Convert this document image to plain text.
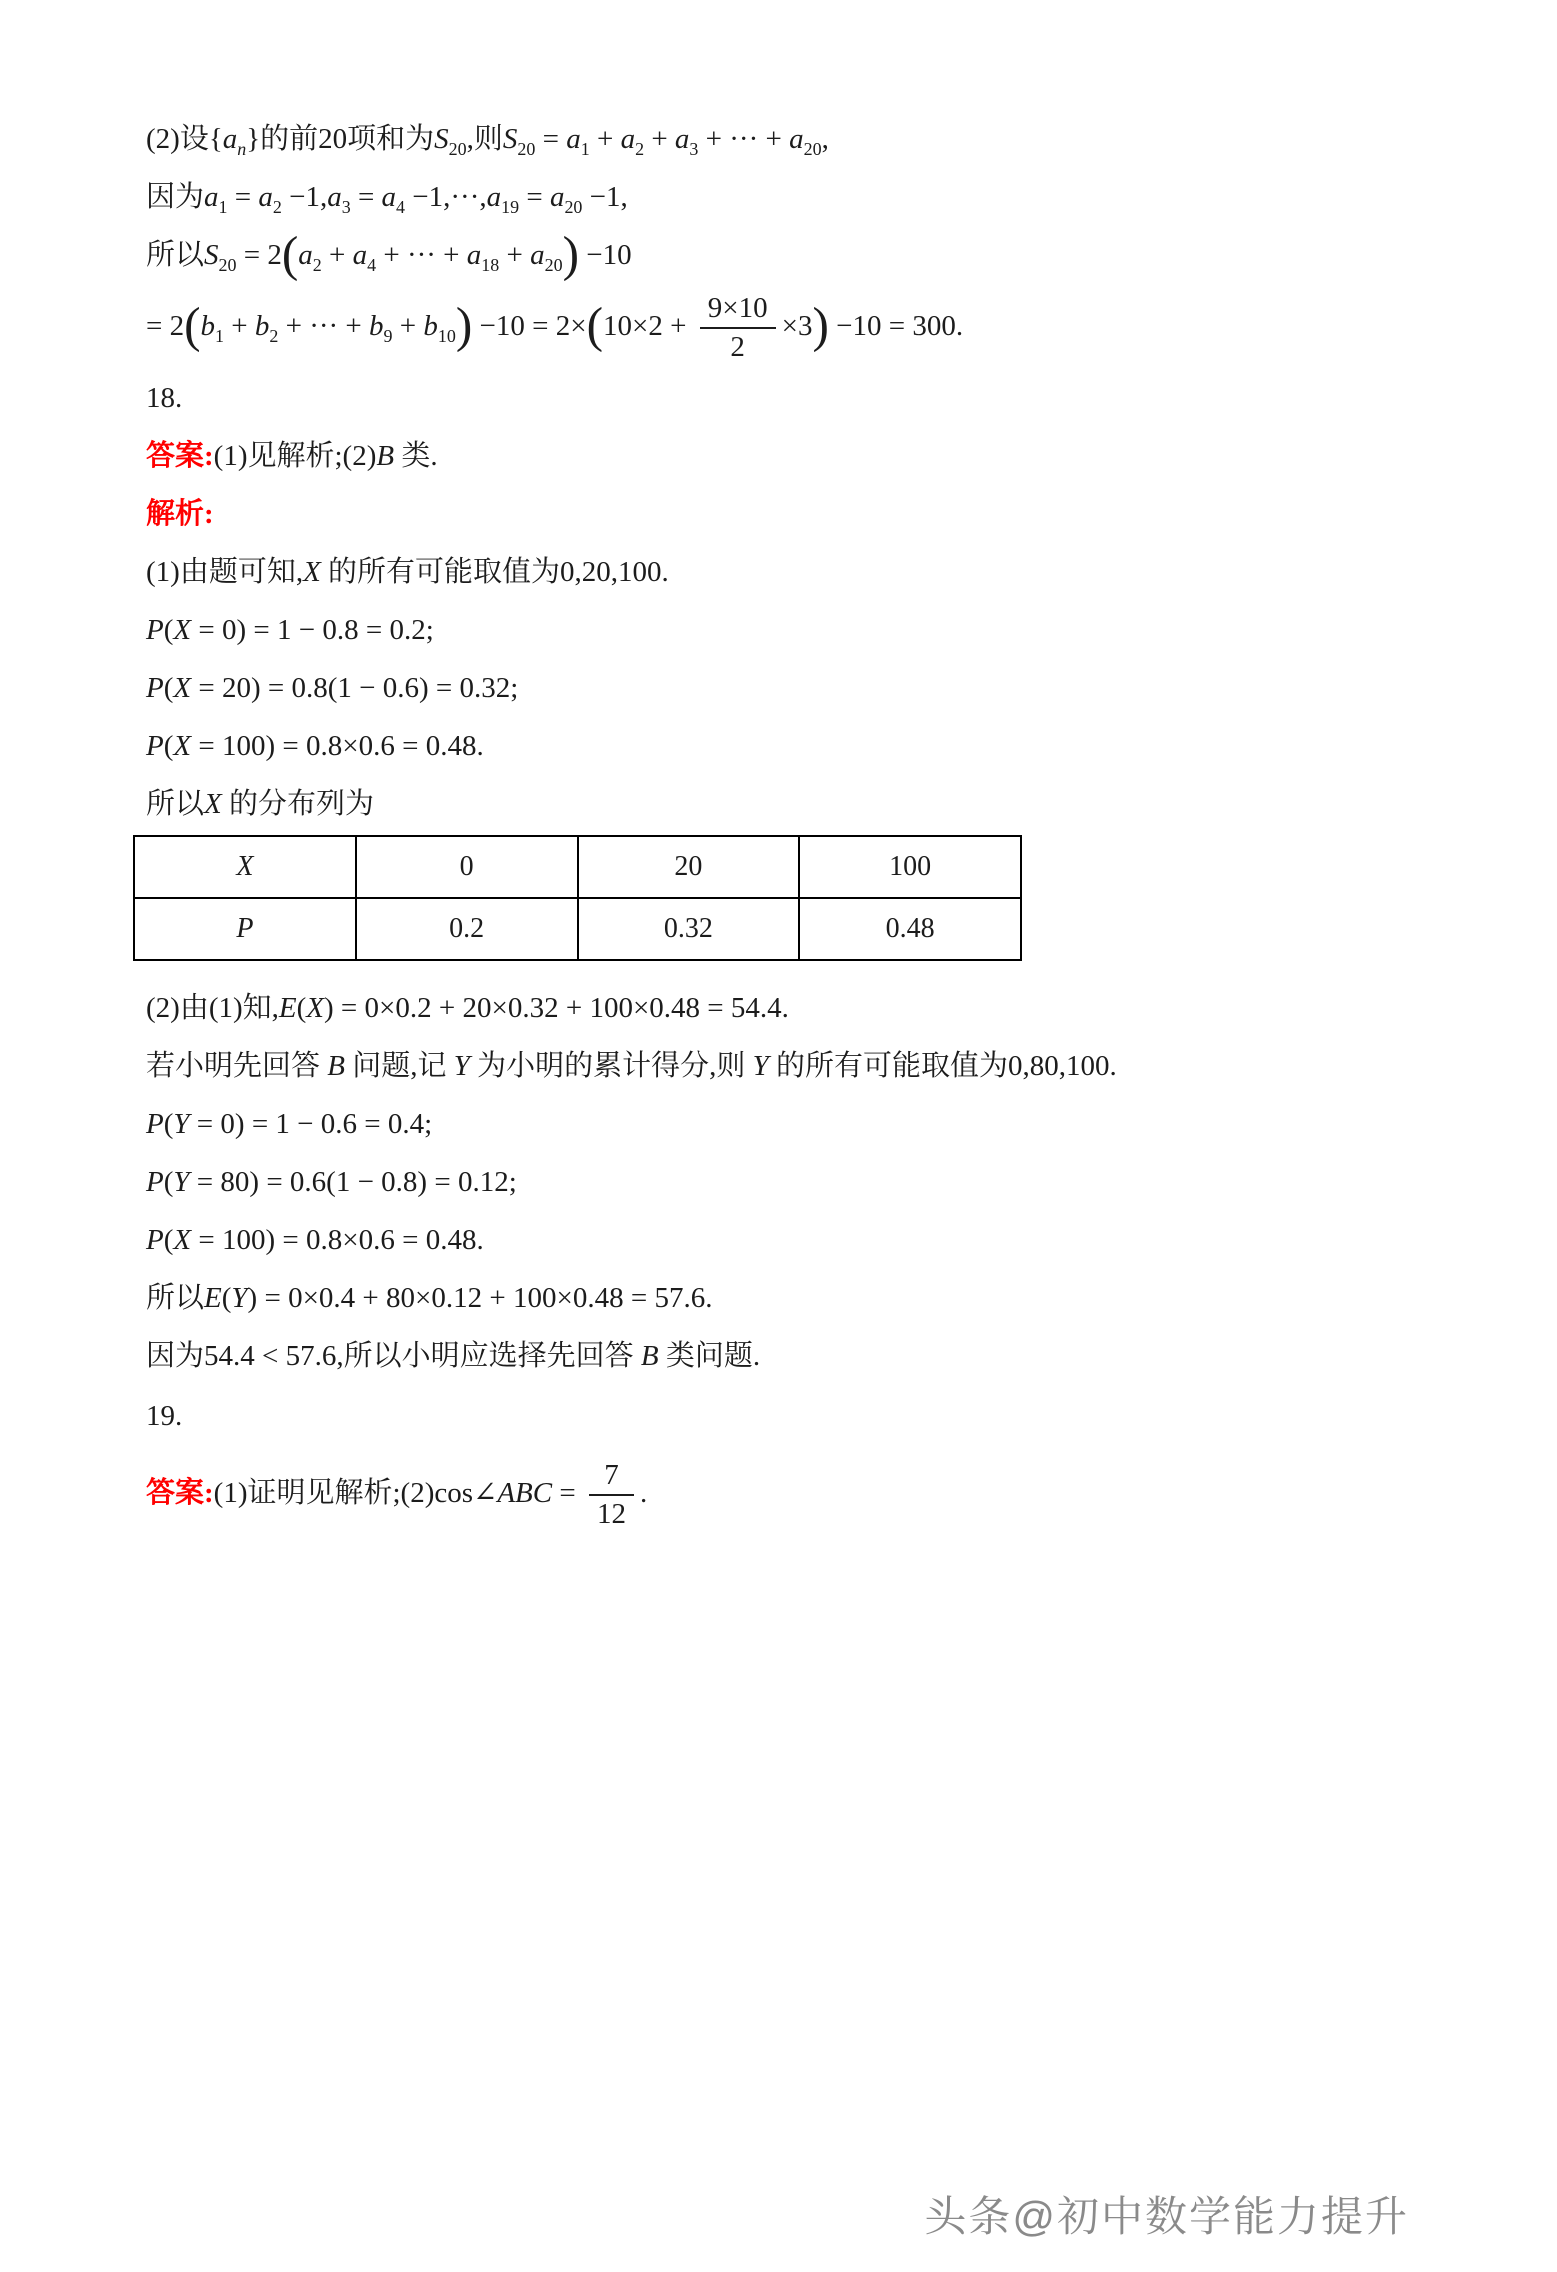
(2)设$\{a_n\}$的前20项和为$S_{20}$,则$S_{20} = a_1 + a_2 + a_3$ + ··· + $a_{20}$,
因为$a_1 = a_2 -1,a_3 = a_4 -1,\cdot\cdot\cdot,a_{19} = a_{20} -1$,
所以$S_{20} = 2(a_2 + a_4$ + ··· + $a_{18} + a_{20}) -10$
= $2(b_1 + b_2$ + ··· + $b_9 + b_{10}) -10 = 2\times(10\times 2 + \frac{9\times 10}{2} \times 3) -10 = 300$.
18.
答案:(1)见解析;(2)B 类.
解析:
(1)由题可知,X 的所有可能取值为0,20,100.
P(X = 0) = 1 − 0.8 = 0.2;
P(X = 20) = 0.8(1 − 0.6) = 0.32;
P(X = 100) = 0.8×0.6 = 0.48.
所以X 的分布列为
X	0	20	100
P	0.2	0.32	0.48
(2)由(1)知,E(X) = 0×0.2 + 20×0.32 + 100×0.48 = 54.4.
若小明先回答 B 问题,记 Y 为小明的累计得分,则 Y 的所有可能取值为0,80,100.
P(Y = 0) = 1 − 0.6 = 0.4;
P(Y = 80) = 0.6(1 − 0.8) = 0.12;
P(X = 100) = 0.8×0.6 = 0.48.
所以E(Y) = 0×0.4 + 80×0.12 + 100×0.48 = 57.6.
因为54.4 < 57.6,所以小明应选择先回答 B 类问题.
19.
答案:(1)证明见解析;(2)cos∠ABC = $\frac{7}{12}$ .
头条@初中数学能力提升
